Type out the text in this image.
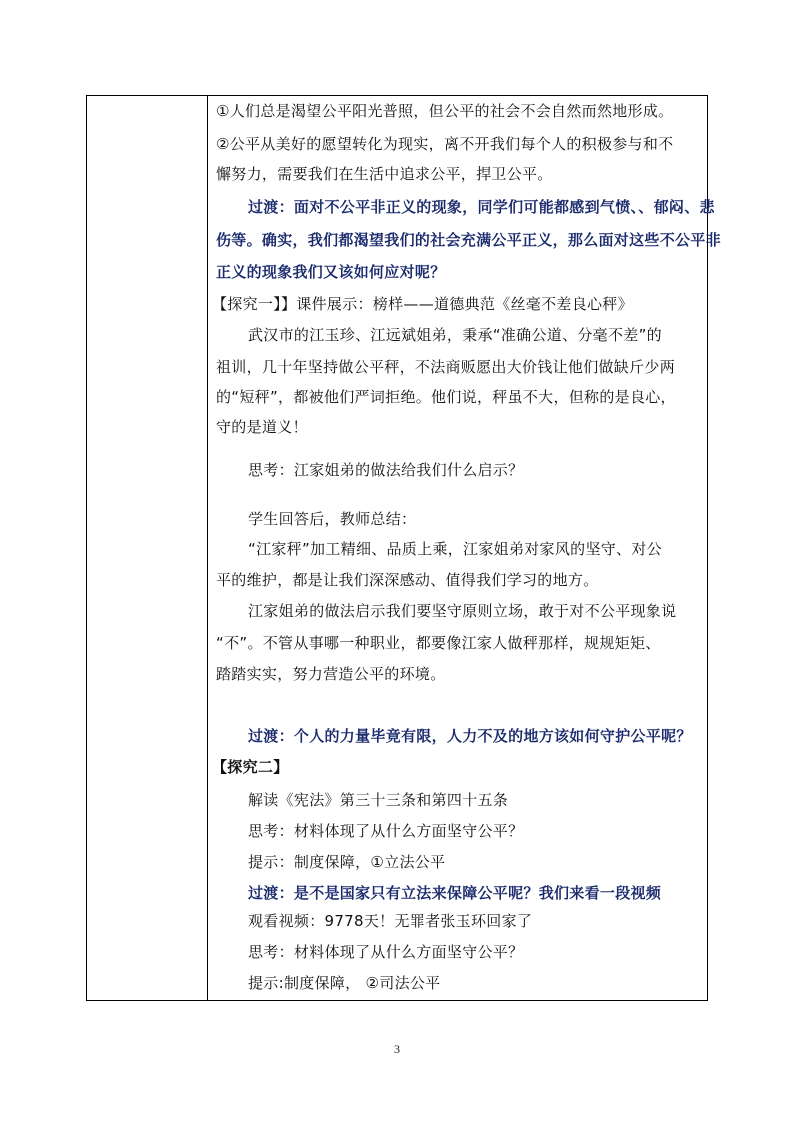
①人们总是渴望公平阳光普照，但公平的社会不会自然而然地形成。
②公平从美好的愿望转化为现实，离不开我们每个人的积极参与和不
懈努力，需要我们在生活中追求公平，捍卫公平。
过渡：面对不公平非正义的现象，同学们可能都感到气愤、、郁闷、悲
伤等。确实，我们都渴望我们的社会充满公平正义，那么面对这些不公平非
正义的现象我们又该如何应对呢？
【探究一】】课件展示：榜样——道德典范《丝毫不差良心秤》
武汉市的江玉珍、江远斌姐弟，秉承“准确公道、分毫不差”的
祖训，几十年坚持做公平秤，不法商贩愿出大价钱让他们做缺斤少两
的“短秤”，都被他们严词拒绝。他们说，秤虽不大，但称的是良心，
守的是道义！
思考：江家姐弟的做法给我们什么启示？
学生回答后，教师总结：
“江家秤”加工精细、品质上乘，江家姐弟对家风的坚守、对公
平的维护，都是让我们深深感动、值得我们学习的地方。
江家姐弟的做法启示我们要坚守原则立场，敢于对不公平现象说
“不”。不管从事哪一种职业，都要像江家人做秤那样，规规矩矩、
踏踏实实，努力营造公平的环境。
过渡：个人的力量毕竟有限，人力不及的地方该如何守护公平呢？
【探究二】
解读《宪法》第三十三条和第四十五条
思考：材料体现了从什么方面坚守公平？
提示：制度保障，①立法公平
过渡：是不是国家只有立法来保障公平呢？我们来看一段视频
观看视频：9778天！无罪者张玉环回家了
思考：材料体现了从什么方面坚守公平？
提示:制度保障， ②司法公平
3
